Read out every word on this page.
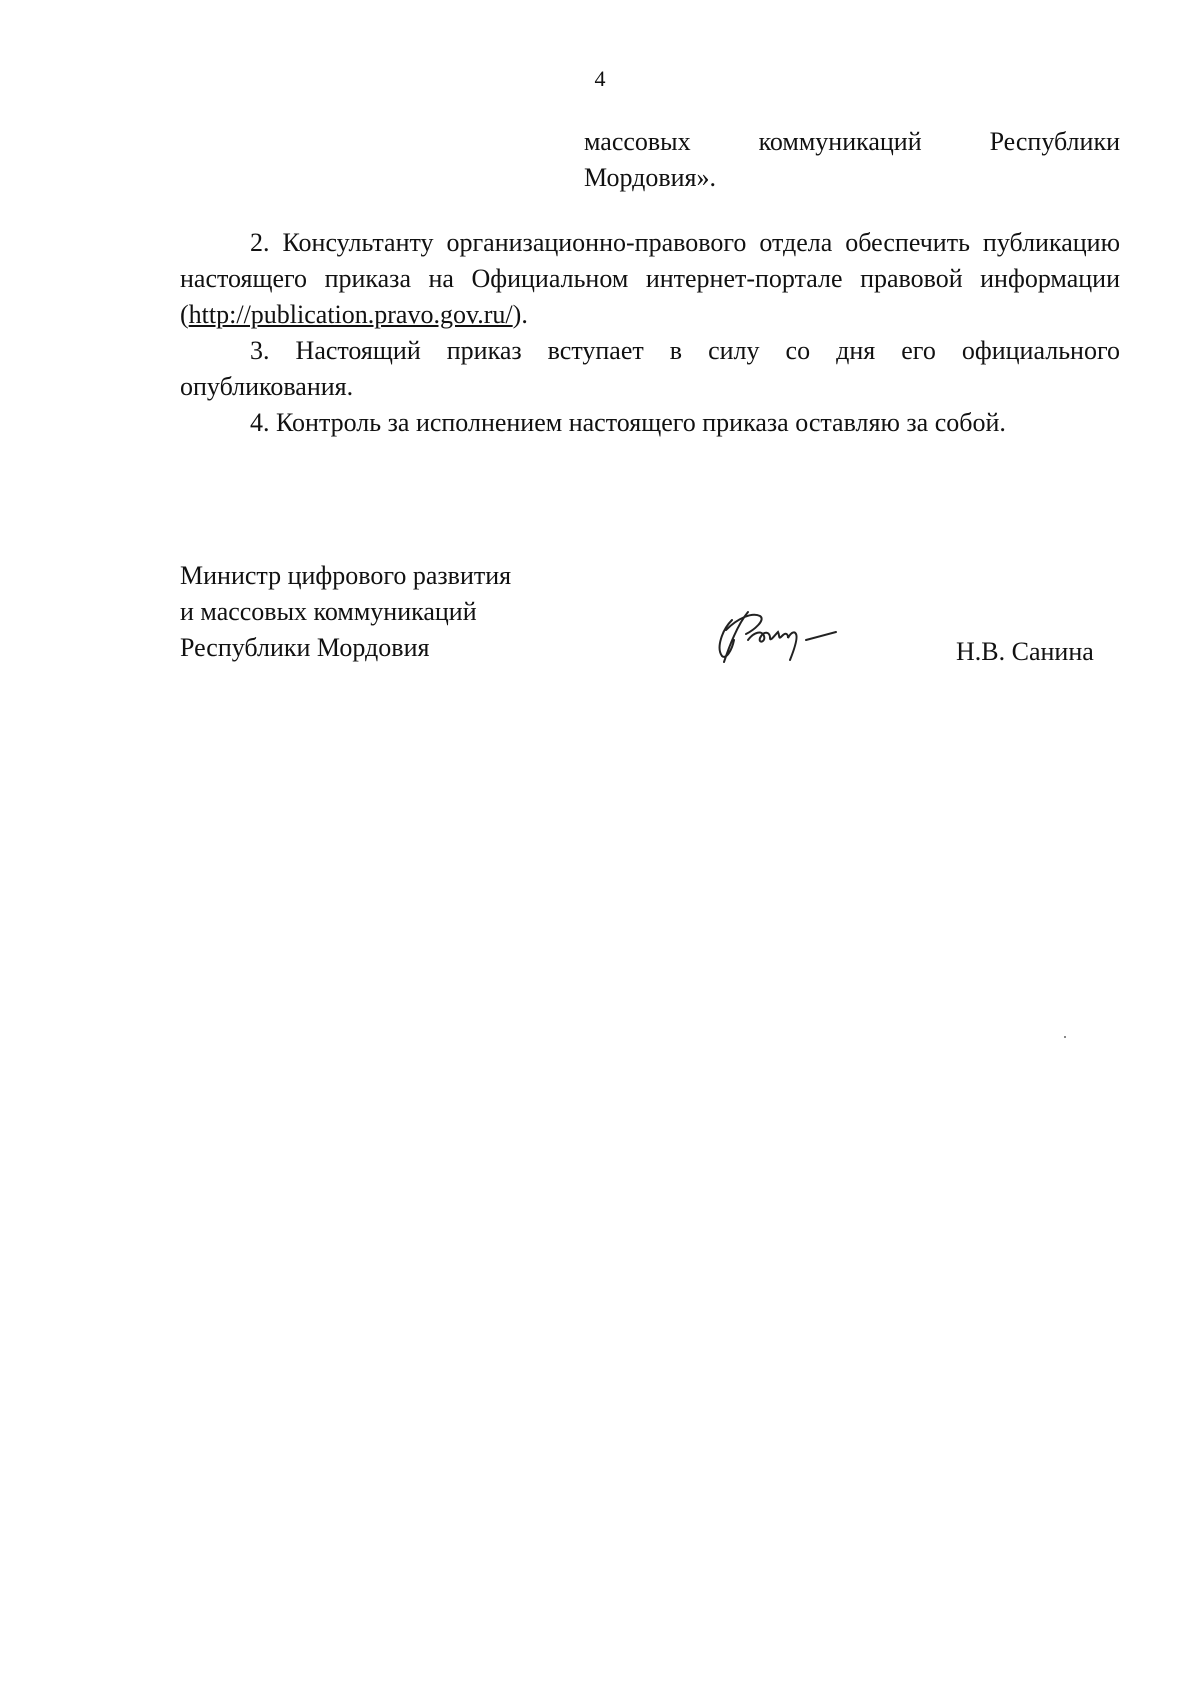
4
массовых	коммуникаций	Республики
Мордовия».

2. Консультанту организационно-правового отдела обеспечить публикацию настоящего приказа на Официальном интернет-портале правовой информации (http://publication.pravo.gov.ru/).

3. Настоящий приказ вступает в силу со дня его официального опубликования.

4. Контроль за исполнением настоящего приказа оставляю за собой.

Министр цифрового развития
и массовых коммуникаций
Республики Мордовия	Н.В. Санина
